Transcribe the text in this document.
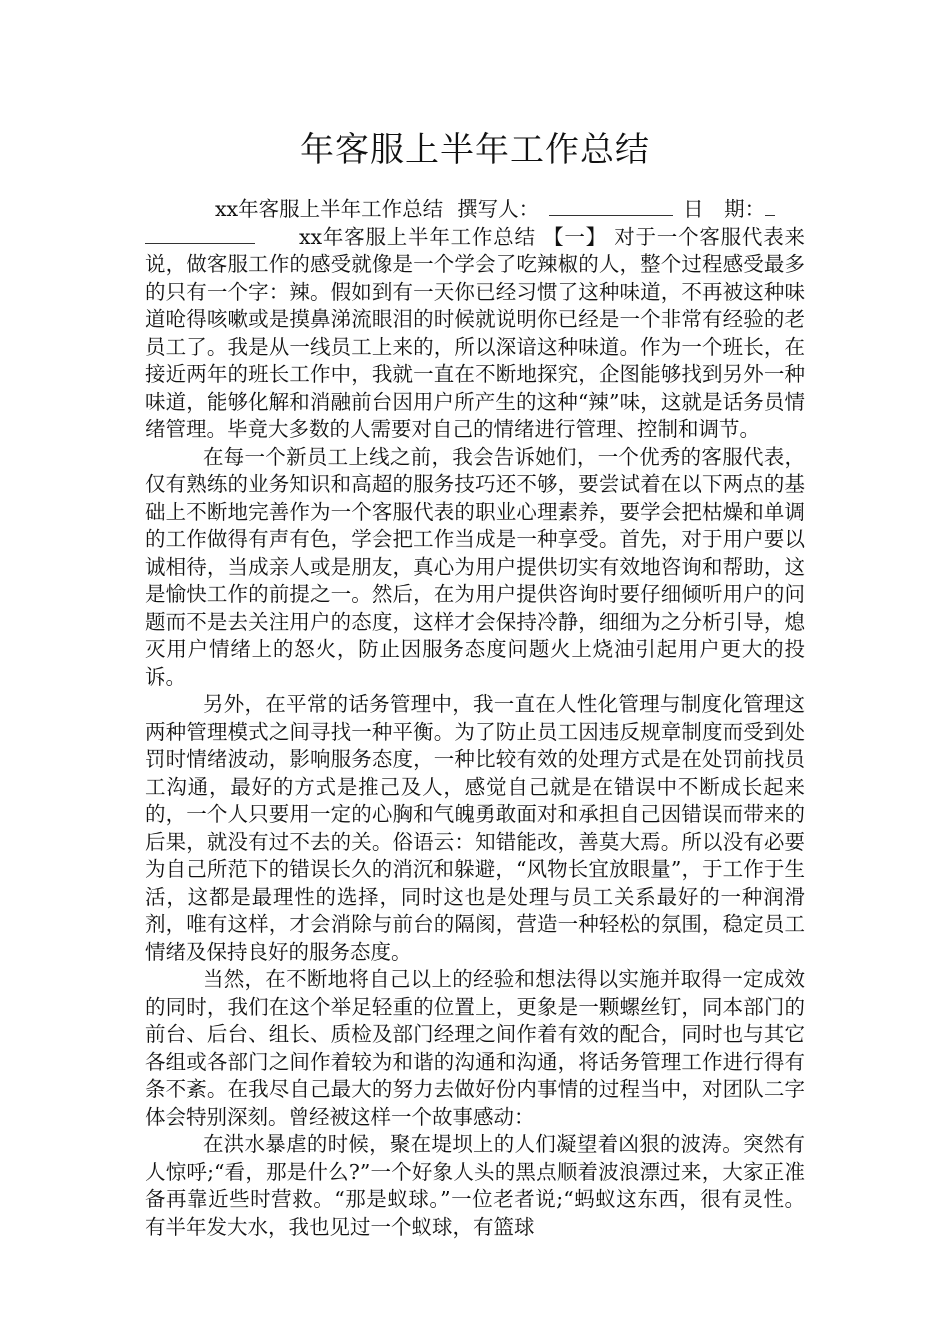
年客服上半年工作总结
xx年客服上半年工作总结 撰写人：	日　期：

xx年客服上半年工作总结 【一】 对于一个客服代表来说，做客服工作的感受就像是一个学会了吃辣椒的人，整个过程感受最多的只有一个字：辣。假如到有一天你已经习惯了这种味道，不再被这种味道呛得咳嗽或是摸鼻涕流眼泪的时候就说明你已经是一个非常有经验的老员工了。我是从一线员工上来的，所以深谙这种味道。作为一个班长，在接近两年的班长工作中，我就一直在不断地探究，企图能够找到另外一种味道，能够化解和消融前台因用户所产生的这种“辣”味，这就是话务员情绪管理。毕竟大多数的人需要对自己的情绪进行管理、控制和调节。

在每一个新员工上线之前，我会告诉她们，一个优秀的客服代表，仅有熟练的业务知识和高超的服务技巧还不够，要尝试着在以下两点的基础上不断地完善作为一个客服代表的职业心理素养，要学会把枯燥和单调的工作做得有声有色，学会把工作当成是一种享受。首先，对于用户要以诚相待，当成亲人或是朋友，真心为用户提供切实有效地咨询和帮助，这是愉快工作的前提之一。然后，在为用户提供咨询时要仔细倾听用户的问题而不是去关注用户的态度，这样才会保持冷静，细细为之分析引导，熄灭用户情绪上的怒火，防止因服务态度问题火上烧油引起用户更大的投诉。

另外，在平常的话务管理中，我一直在人性化管理与制度化管理这两种管理模式之间寻找一种平衡。为了防止员工因违反规章制度而受到处罚时情绪波动，影响服务态度，一种比较有效的处理方式是在处罚前找员工沟通，最好的方式是推己及人，感觉自己就是在错误中不断成长起来的，一个人只要用一定的心胸和气魄勇敢面对和承担自己因错误而带来的后果，就没有过不去的关。俗语云：知错能改，善莫大焉。所以没有必要为自己所范下的错误长久的消沉和躲避，“风物长宜放眼量”，于工作于生活，这都是最理性的选择，同时这也是处理与员工关系最好的一种润滑剂，唯有这样，才会消除与前台的隔阂，营造一种轻松的氛围，稳定员工情绪及保持良好的服务态度。

当然，在不断地将自己以上的经验和想法得以实施并取得一定成效的同时，我们在这个举足轻重的位置上，更象是一颗螺丝钉，同本部门的前台、后台、组长、质检及部门经理之间作着有效的配合，同时也与其它各组或各部门之间作着较为和谐的沟通和沟通，将话务管理工作进行得有条不紊。在我尽自己最大的努力去做好份内事情的过程当中，对团队二字体会特别深刻。曾经被这样一个故事感动：

在洪水暴虐的时候，聚在堤坝上的人们凝望着凶狠的波涛。突然有人惊呼;“看，那是什么?”一个好象人头的黑点顺着波浪漂过来，大家正准备再靠近些时营救。“那是蚁球。”一位老者说;“蚂蚁这东西，很有灵性。有半年发大水，我也见过一个蚁球，有篮球
